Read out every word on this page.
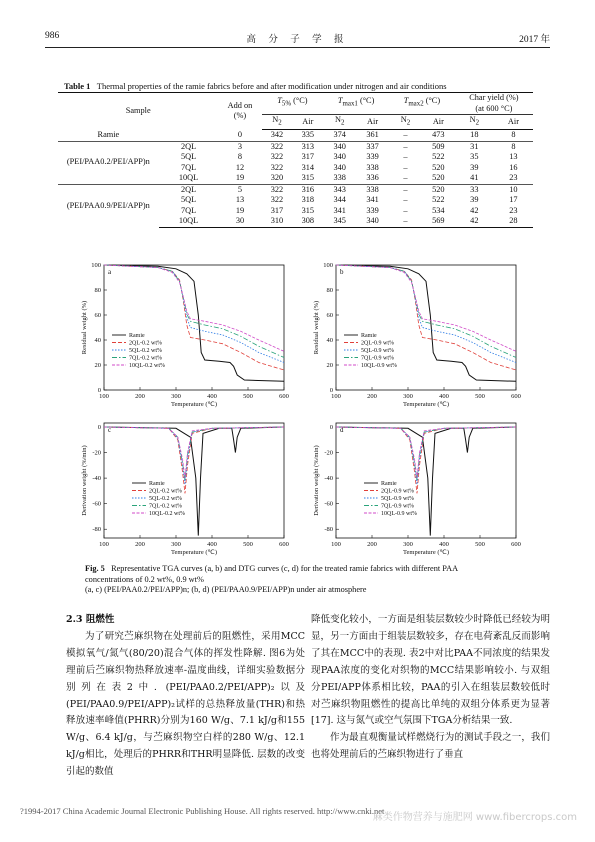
986	高 分 子 学 报	2017 年
Table 1 Thermal properties of the ramie fabrics before and after modification under nitrogen and air conditions
Sample		Add on
(%)	$T_{5\%}$ (°C)		$T_{max1}$ (°C)		$T_{max2}$ (°C)		Char yield (%)
(at 600 °C)	
			$N_2$	Air	$N_2$	Air	$N_2$	Air	$N_2$	Air
Ramie		0	342	335	374	361	–	473	18	8
(PEI/PAA0.2/PEI/APP)n	2QL	3	322	313	340	337	–	509	31	8
	5QL	8	322	317	340	339	–	522	35	13
	7QL	12	322	314	340	338	–	520	39	16
	10QL	19	320	315	338	336	–	520	41	23
(PEI/PAA0.9/PEI/APP)n	2QL	5	322	316	343	338	–	520	33	10
	5QL	13	322	318	344	341	–	522	39	17
	7QL	19	317	315	341	339	–	534	42	23
	10QL	30	310	308	345	340	–	569	42	28
100	200	300	400	500	600
100
80
60
40
20
0
Temperature (℃)
Residual weight (%)
a
Ramie
2QL-0.2 wt%
5QL-0.2 wt%
7QL-0.2 wt%
10QL-0.2 wt%
100	200	300	400	500	600
100
80
60
40
20
0
Temperature (℃)
Residual weight (%)
b
Ramie
2QL-0.9 wt%
5QL-0.9 wt%
7QL-0.9 wt%
10QL-0.9 wt%
100	200	300	400	500	600
0
-20
-40
-60
-80
Temperature (℃)
Derivation weight (%/min)
c
Ramie
2QL-0.2 wt%
5QL-0.2 wt%
7QL-0.2 wt%
10QL-0.2 wt%
100	200	300	400	500	600
0
-20
-40
-60
-80
Temperature (℃)
Derivation weight (%/min)
d
Ramie
2QL-0.9 wt%
5QL-0.9 wt%
7QL-0.9 wt%
10QL-0.9 wt%
Fig. 5 Representative TGA curves (a, b) and DTG curves (c, d) for the treated ramie fabrics with different PAA
concentrations of 0.2 wt%, 0.9 wt%
(a, c) (PEI/PAA0.2/PEI/APP)n; (b, d) (PEI/PAA0.9/PEI/APP)n under air atmosphere
2.3 阻燃性
为了研究苎麻织物在处理前后的阻燃性，采用MCC模拟氧气/氮气(80/20)混合气体的挥发性降解. 图6为处理前后苎麻织物热释放速率-温度曲线，详细实验数据分别列在表2中. (PEI/PAA0.2/PEI/APP)₂以及(PEI/PAA0.9/PEI/APP)₂试样的总热释放量(THR)和热释放速率峰值(PHRR)分别为160 W/g、7.1 kJ/g和155 W/g、6.4 kJ/g，与苎麻织物空白样的280 W/g、12.1 kJ/g相比，处理后的PHRR和THR明显降低. 层数的改变引起的数值
降低变化较小，一方面是组装层数较少时降低已经较为明显，另一方面由于组装层数较多，存在电荷紊乱反而影响了其在MCC中的表现. 表2中对比PAA不同浓度的结果发现PAA浓度的变化对织物的MCC结果影响较小. 与双组分PEI/APP体系相比较，PAA的引入在组装层数较低时对苎麻织物阻燃性的提高比单纯的双组分体系更为显著[17]. 这与氮气或空气氛围下TGA分析结果一致.
作为最直观衡量试样燃烧行为的测试手段之一，我们也将处理前后的苎麻织物进行了垂直
?1994-2017 China Academic Journal Electronic Publishing House. All rights reserved. http://www.cnki.net
麻类作物营养与施肥网 www.fibercrops.com
